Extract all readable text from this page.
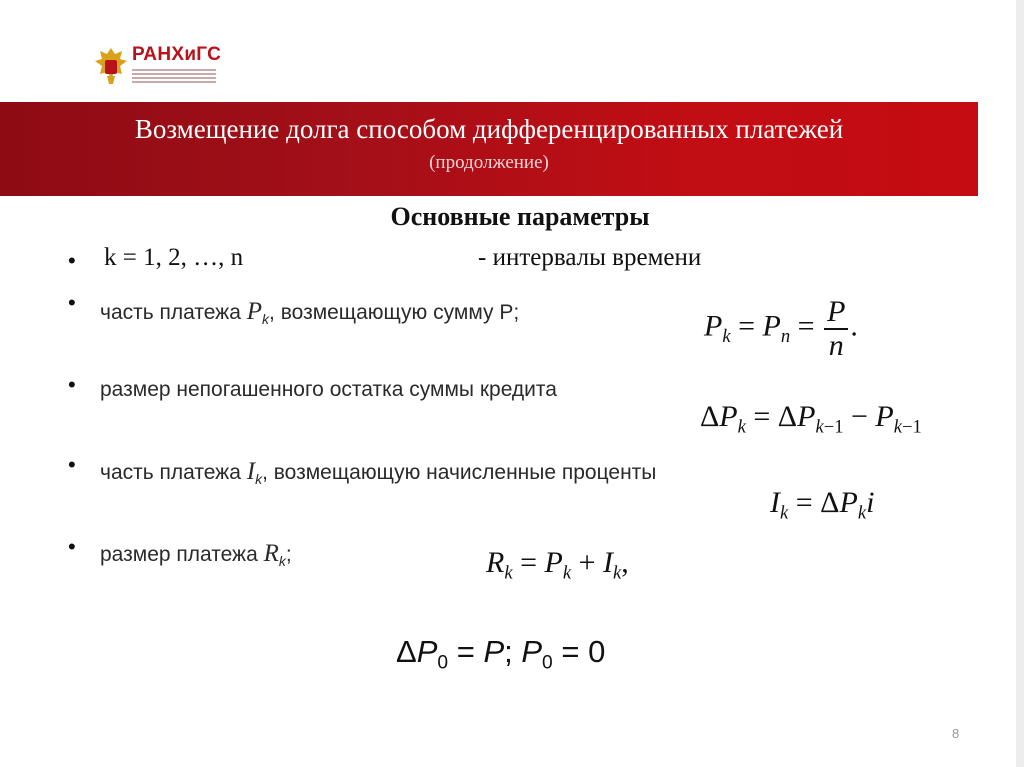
РАНХиГС
Возмещение долга способом дифференцированных платежей
(продолжение)
Основные параметры
• k = 1, 2, …, n	- интервалы времени
• часть платежа $P_k$, возмещающую сумму P;	$P_k = P_n = \frac{P}{n}$ .
• размер непогашенного остатка суммы кредита
$\Delta P_k = \Delta P_{k-1} - P_{k-1}$
• часть платежа $I_k$, возмещающую начисленные проценты
$I_k = \Delta P_ki$
• размер платежа $R_k$;	$R_k = P_k + I_k$,
$\Delta P_0 = P$; $P_0 = 0$
8
